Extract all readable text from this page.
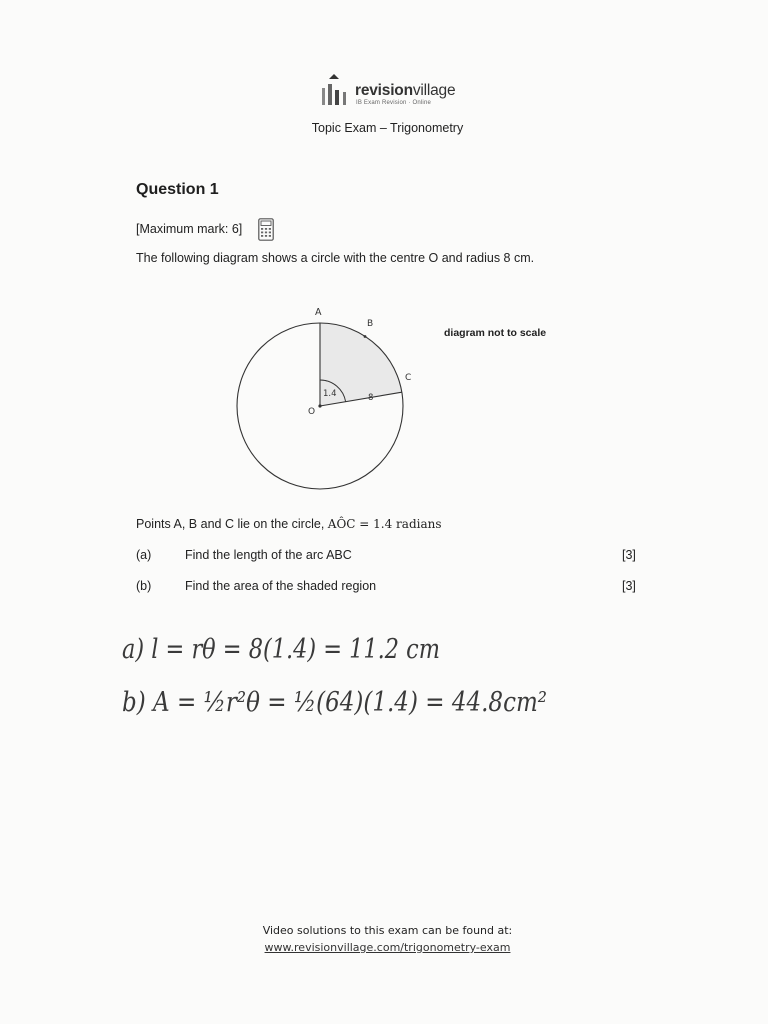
revisionvillage
IB Exam Revision · Online
Topic Exam – Trigonometry
Question 1
[Maximum mark: 6]
The following diagram shows a circle with the centre O and radius 8 cm.
A
B
C
O
1.4	8
diagram not to scale
Points A, B and C lie on the circle, AÔC = 1.4 radians
(a)	Find the length of the arc ABC	[3]
(b)	Find the area of the shaded region	[3]
a) l = rθ = 8(1.4) = 11.2 cm
b) A = ½r²θ = ½(64)(1.4) = 44.8cm²
Video solutions to this exam can be found at:
www.revisionvillage.com/trigonometry-exam
